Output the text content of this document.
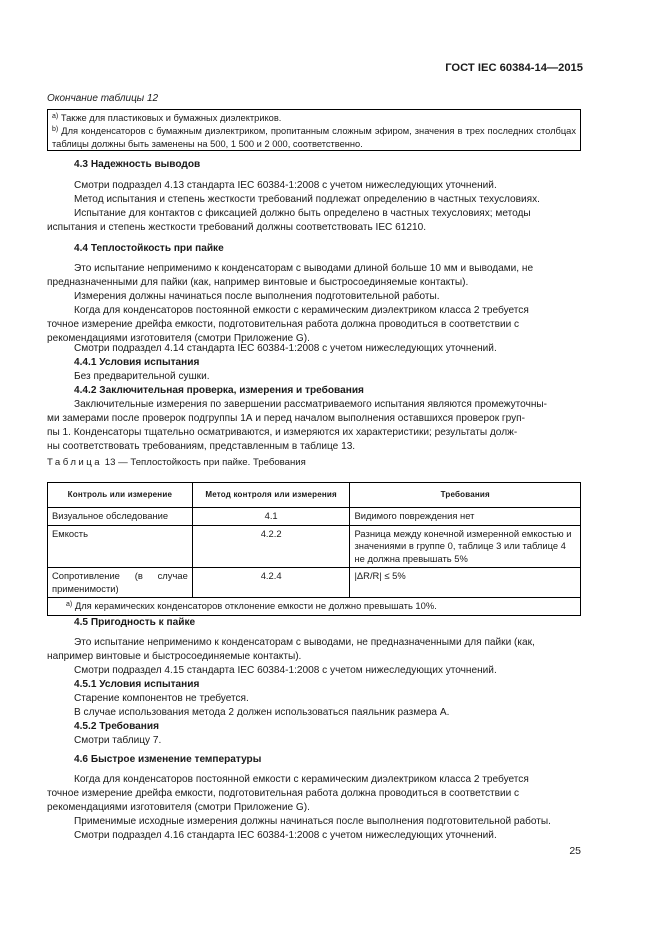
ГОСТ IEC 60384-14—2015
Окончание таблицы 12

$^{a)}$ Также для пластиковых и бумажных диэлектриков.

$^{b)}$ Для конденсаторов с бумажным диэлектриком, пропитанным сложным эфиром, значения в трех последних столбцах таблицы должны быть заменены на 500, 1 500 и 2 000, соответственно.

4.3 Надежность выводов

Смотри подраздел 4.13 стандарта IEC 60384-1:2008 с учетом нижеследующих уточнений.

Метод испытания и степень жесткости требований подлежат определению в частных техусловиях.

Испытание для контактов с фиксацией должно быть определено в частных техусловиях; методы

испытания и степень жесткости требований должны соответствовать IEC 61210.

4.4 Теплостойкость при пайке

Это испытание неприменимо к конденсаторам с выводами длиной больше 10 мм и выводами, не

предназначенными для пайки (как, например винтовые и быстросоединяемые контакты).

Измерения должны начинаться после выполнения подготовительной работы.

Когда для конденсаторов постоянной емкости с керамическим диэлектриком класса 2 требуется

точное измерение дрейфа емкости, подготовительная работа должна проводиться в соответствии с

рекомендациями изготовителя (смотри Приложение G).

Смотри подраздел 4.14 стандарта IEC 60384-1:2008 с учетом нижеследующих уточнений.

4.4.1 Условия испытания

Без предварительной сушки.

4.4.2 Заключительная проверка, измерения и требования

Заключительные измерения по завершении рассматриваемого испытания являются промежуточны-

ми замерами после проверок подгруппы 1А и перед началом выполнения оставшихся проверок груп-

пы 1. Конденсаторы тщательно осматриваются, и измеряются их характеристики; результаты долж-

ны соответствовать требованиям, представленным в таблице 13.

Таблица 13 — Теплостойкость при пайке. Требования
Контроль или измерение	Метод контроля или измерения	Требования
Визуальное обследование	4.1	Видимого повреждения нет
Емкость	4.2.2	Разница между конечной измеренной емкостью и значениями в группе 0, таблице 3 или таблице 4 не должна превышать 5%
Сопротивление (в случае применимости)	4.2.4	|ΔR/R| ≤ 5%
$^{a)}$ Для керамических конденсаторов отклонение емкости не должно превышать 10%.		

4.5 Пригодность к пайке

Это испытание неприменимо к конденсаторам с выводами, не предназначенными для пайки (как,

например винтовые и быстросоединяемые контакты).

Смотри подраздел 4.15 стандарта IEC 60384-1:2008 с учетом нижеследующих уточнений.

4.5.1 Условия испытания

Старение компонентов не требуется.

В случае использования метода 2 должен использоваться паяльник размера А.

4.5.2 Требования

Смотри таблицу 7.

4.6 Быстрое изменение температуры

Когда для конденсаторов постоянной емкости с керамическим диэлектриком класса 2 требуется

точное измерение дрейфа емкости, подготовительная работа должна проводиться в соответствии с

рекомендациями изготовителя (смотри Приложение G).

Применимые исходные измерения должны начинаться после выполнения подготовительной работы.

Смотри подраздел 4.16 стандарта IEC 60384-1:2008 с учетом нижеследующих уточнений.

25
